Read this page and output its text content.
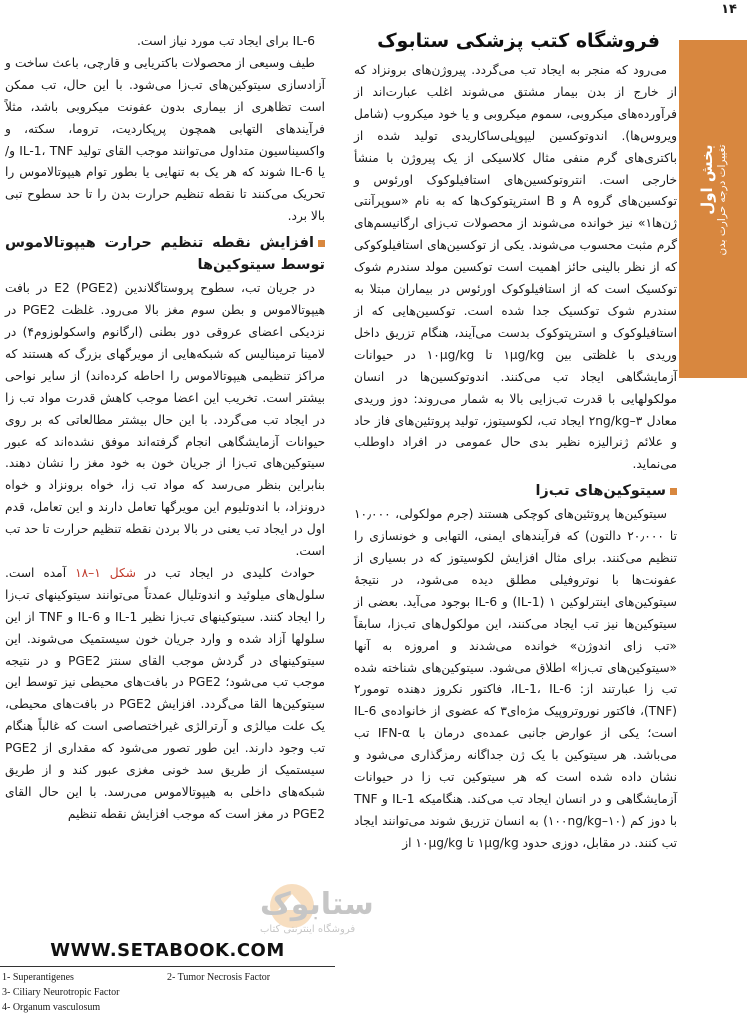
۱۴
فروشگاه کتب پزشکی ستابوک
بخش اول تغییرات درجه حرارت بدن

می‌رود که منجر به ایجاد تب می‌گردد. پیروژن‌های برونزاد که از خارج از بدن بیمار مشتق می‌شوند اغلب عبارت‌اند از فرآورده‌های میکروبی، سموم میکروبی و یا خود میکروب (شامل ویروس‌ها). اندوتوکسین لیپوپلی‌ساکاریدی تولید شده از باکتری‌های گرم منفی مثال کلاسیکی از یک پیروژن با منشأ خارجی است. انتروتوکسین‌های استافیلوکوک اورئوس و توکسین‌های گروه A و B استرپتوکوک‌ها که به نام «سوپرآنتی ژن‌ها۱» نیز خوانده می‌شوند از محصولات تب‌زای ارگانیسم‌های گرم مثبت محسوب می‌شوند. یکی از توکسین‌های استافیلوکوکی که از نظر بالینی حائز اهمیت است توکسین مولد سندرم شوک توکسیک است که از استافیلوکوک اورئوس در بیماران مبتلا به سندرم شوک توکسیک جدا شده است. توکسین‌هایی که از استافیلوکوک و استرپتوکوک بدست می‌آیند، هنگام تزریق داخل وریدی با غلظتی بین ۱μg/kg تا ۱۰μg/kg در حیوانات آزمایشگاهی ایجاد تب می‌کنند. اندوتوکسین‌ها در انسان مولکولهایی با قدرت تب‌زایی بالا به شمار می‌روند: دوز وریدی معادل ۲ng/kg–۳ ایجاد تب، لکوسیتوز، تولید پروتئین‌های فاز حاد و علائم ژنرالیزه نظیر بدی حال عمومی در افراد داوطلب می‌نماید.

سیتوکین‌های تب‌زا

سیتوکین‌ها پروتئین‌های کوچکی هستند (جرم مولکولی، ۱۰٫۰۰۰ تا ۲۰٫۰۰۰ دالتون) که فرآیندهای ایمنی، التهابی و خونسازی را تنظیم می‌کنند. برای مثال افزایش لکوسیتوز که در بسیاری از عفونت‌ها با نوتروفیلی مطلق دیده می‌شود، در نتیجه‌ٔ سیتوکین‌های اینترلوکین ۱ (IL-1) و IL-6 بوجود می‌آید. بعضی از سیتوکین‌ها نیز تب ایجاد می‌کنند، این مولکول‌های تب‌زا، سابقاً «تب زای اندوژن» خوانده می‌شدند و امروزه به آنها «سیتوکین‌های تب‌زا» اطلاق می‌شود. سیتوکین‌های شناخته شده تب زا عبارتند از: IL-1، IL-6، فاکتور نکروز دهنده تومور۲ (TNF)، فاکتور نوروتروپیک مژه‌ای۳ که عضوی از خانواده‌ی IL-6 است؛ یکی از عوارض جانبی عمده‌ی درمان با IFN-α تب می‌باشد. هر سیتوکین با یک ژن جداگانه رمزگذاری می‌شود و نشان داده شده است که هر سیتوکین تب زا در حیوانات آزمایشگاهی و در انسان ایجاد تب می‌کند. هنگامیکه IL-1 و TNF با دوز کم (۱۰–۱۰۰ng/kg) به انسان تزریق شوند می‌توانند ایجاد تب کنند. در مقابل، دوزی حدود ۱μg/kg تا ۱۰μg/kg از

IL-6 برای ایجاد تب مورد نیاز است.

طیف وسیعی از محصولات باکتریایی و قارچی، باعث ساخت و آزادسازی سیتوکین‌های تب‌زا می‌شود. با این حال، تب ممکن است تظاهری از بیماری بدون عفونت میکروبی باشد، مثلاً فرآیندهای التهابی همچون پرپکاردیت، تروما، سکته، و واکسیناسیون متداول می‌توانند موجب القای تولید IL-1، TNF و/یا IL-6 شوند که هر یک به تنهایی یا بطور توام هیپوتالاموس را تحریک می‌کنند تا نقطه تنظیم حرارت بدن را تا حد سطوح تبی بالا برد.

افزایش نقطه تنظیم حرارت هیپوتالاموس توسط سیتوکین‌ها

در جریان تب، سطوح پروستاگلاندین E2 (PGE2) در بافت هیپوتالاموس و بطن سوم مغز بالا می‌رود. غلظت PGE2 در نزدیکی اعضای عروقی دور بطنی (ارگانوم واسکولوزوم۴) در لامینا ترمینالیس که شبکه‌هایی از مویرگهای بزرگ که هستند که مراکز تنظیمی هیپوتالاموس را احاطه کرده‌اند) از سایر نواحی بیشتر است. تخریب این اعضا موجب کاهش قدرت مواد تب زا در ایجاد تب می‌گردد. با این حال بیشتر مطالعاتی که بر روی حیوانات آزمایشگاهی انجام گرفته‌اند موفق نشده‌اند که عبور سیتوکین‌های تب‌زا از جریان خون به خود مغز را نشان دهند. بنابراین بنظر می‌رسد که مواد تب زا، خواه برونزاد و خواه درونزاد، با اندوتلیوم این مویرگها تعامل دارند و این تعامل، قدم اول در ایجاد تب یعنی در بالا بردن نقطه تنظیم حرارت تا حد تب است.

حوادث کلیدی در ایجاد تب در شکل ۱–۱۸ آمده است. سلول‌های میلوئید و اندوتلیال عمدتاً می‌توانند سیتوکینهای تب‌زا را ایجاد کنند. سیتوکینهای تب‌زا نظیر IL-1 و IL-6 و TNF از این سلولها آزاد شده و وارد جریان خون سیستمیک می‌شوند. این سیتوکینهای در گردش موجب القای سنتز PGE2 و در نتیجه موجب تب می‌شود؛ PGE2 در بافت‌های محیطی نیز توسط این سیتوکین‌ها القا می‌گردد. افزایش PGE2 در بافت‌های محیطی، یک علت میالژی و آرترالژی غیراختصاصی است که غالباً هنگام تب وجود دارند. این طور تصور می‌شود که مقداری از PGE2 سیستمیک از طریق سد خونی مغزی عبور کند و از طریق شبکه‌های داخلی به هیپوتالاموس می‌رسد. با این حال القای PGE2 در مغز است که موجب افزایش نقطه تنظیم

ستابوک
فروشگاه اینترنتی کتاب
WWW.SETABOOK.COM
1- Superantigenes	2- Tumor Necrosis Factor
3- Ciliary Neurotropic Factor
4- Organum vasculosum
